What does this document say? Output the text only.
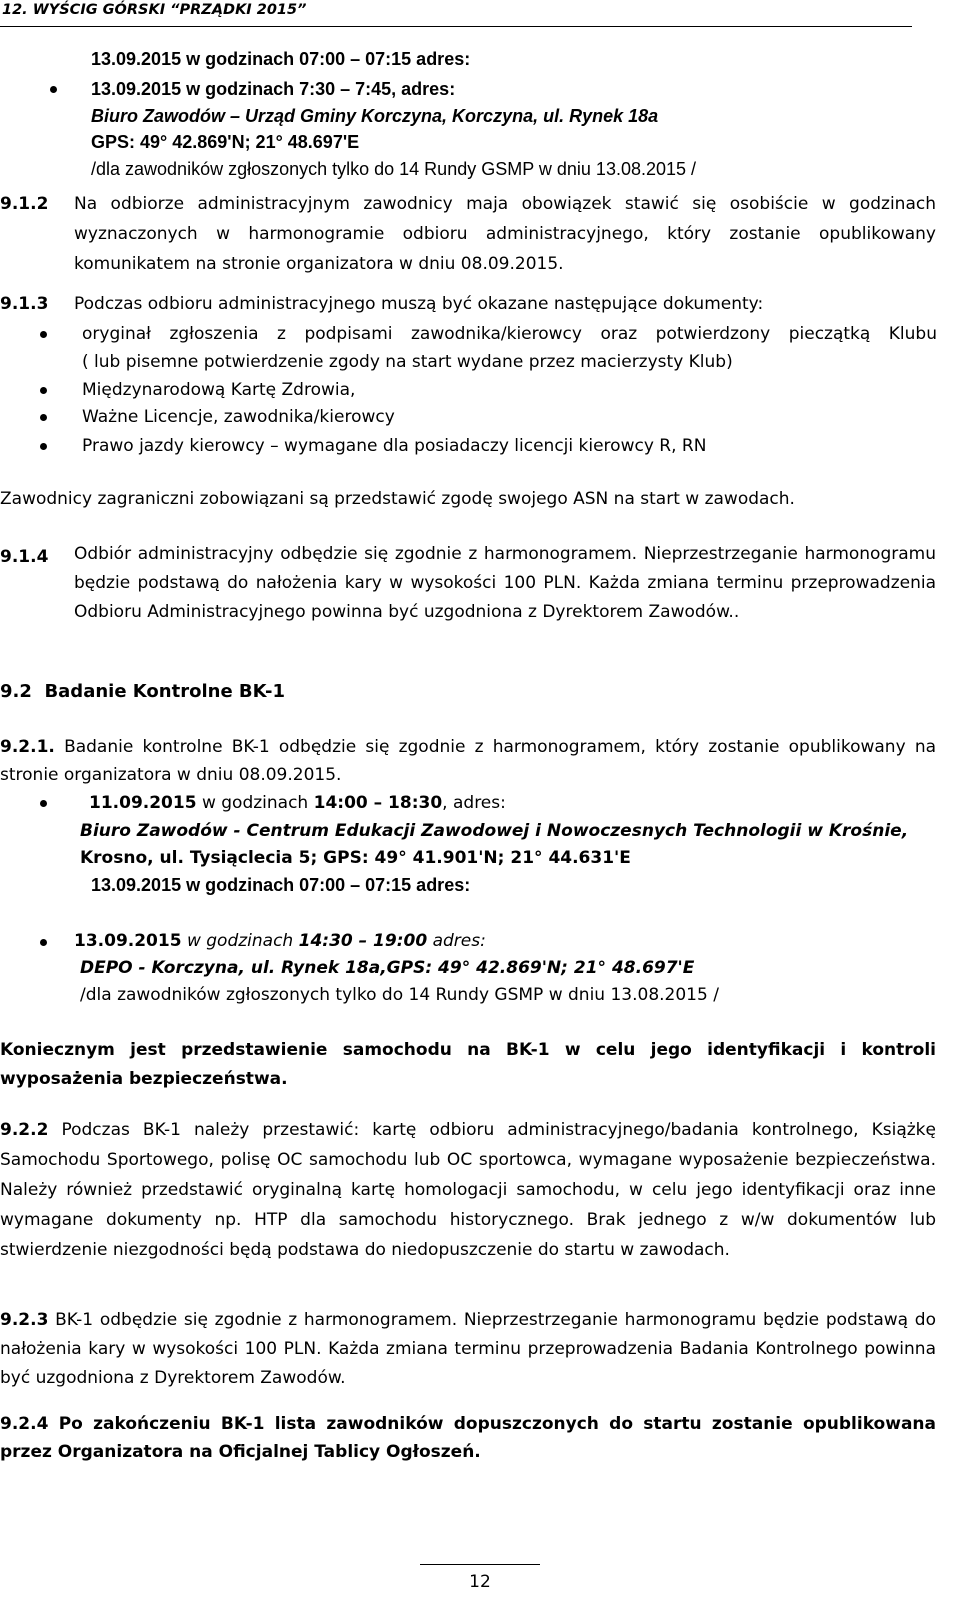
12. WYŚCIG GÓRSKI “PRZĄDKI 2015”
13.09.2015 w godzinach 07:00 – 07:15 adres:
13.09.2015 w godzinach 7:30 – 7:45, adres:
Biuro Zawodów – Urząd Gminy Korczyna, Korczyna, ul. Rynek 18a
GPS: 49° 42.869'N; 21° 48.697'E
/dla zawodników zgłoszonych tylko do 14 Rundy GSMP w dniu 13.08.2015 /
9.1.2 Na odbiorze administracyjnym zawodnicy maja obowiązek stawić się osobiście w godzinach wyznaczonych w harmonogramie odbioru administracyjnego, który zostanie opublikowany komunikatem na stronie organizatora w dniu 08.09.2015.
9.1.3 Podczas odbioru administracyjnego muszą być okazane następujące dokumenty:
oryginał zgłoszenia z podpisami zawodnika/kierowcy oraz potwierdzony pieczątką Klubu
( lub pisemne potwierdzenie zgody na start wydane przez macierzysty Klub)
Międzynarodową Kartę Zdrowia,
Ważne Licencje, zawodnika/kierowcy
Prawo jazdy kierowcy – wymagane dla posiadaczy licencji kierowcy R, RN
Zawodnicy zagraniczni zobowiązani są przedstawić zgodę swojego ASN na start w zawodach.
9.1.4 Odbiór administracyjny odbędzie się zgodnie z harmonogramem. Nieprzestrzeganie harmonogramu będzie podstawą do nałożenia kary w wysokości 100 PLN. Każda zmiana terminu przeprowadzenia Odbioru Administracyjnego powinna być uzgodniona z Dyrektorem Zawodów..
9.2 Badanie Kontrolne BK-1
9.2.1. Badanie kontrolne BK-1 odbędzie się zgodnie z harmonogramem, który zostanie opublikowany na stronie organizatora w dniu 08.09.2015.
11.09.2015 w godzinach 14:00 – 18:30, adres:
Biuro Zawodów - Centrum Edukacji Zawodowej i Nowoczesnych Technologii w Krośnie,
Krosno, ul. Tysiąclecia 5; GPS: 49° 41.901'N; 21° 44.631'E
13.09.2015 w godzinach 07:00 – 07:15 adres:
13.09.2015 w godzinach 14:30 – 19:00 adres:
DEPO - Korczyna, ul. Rynek 18a,GPS: 49° 42.869'N; 21° 48.697'E
/dla zawodników zgłoszonych tylko do 14 Rundy GSMP w dniu 13.08.2015 /
Koniecznym jest przedstawienie samochodu na BK-1 w celu jego identyfikacji i kontroli wyposażenia bezpieczeństwa.
9.2.2 Podczas BK-1 należy przestawić: kartę odbioru administracyjnego/badania kontrolnego, Książkę Samochodu Sportowego, polisę OC samochodu lub OC sportowca, wymagane wyposażenie bezpieczeństwa. Należy również przedstawić oryginalną kartę homologacji samochodu, w celu jego identyfikacji oraz inne wymagane dokumenty np. HTP dla samochodu historycznego. Brak jednego z w/w dokumentów lub stwierdzenie niezgodności będą podstawa do niedopuszczenie do startu w zawodach.
9.2.3 BK-1 odbędzie się zgodnie z harmonogramem. Nieprzestrzeganie harmonogramu będzie podstawą do nałożenia kary w wysokości 100 PLN. Każda zmiana terminu przeprowadzenia Badania Kontrolnego powinna być uzgodniona z Dyrektorem Zawodów.
9.2.4 Po zakończeniu BK-1 lista zawodników dopuszczonych do startu zostanie opublikowana przez Organizatora na Oficjalnej Tablicy Ogłoszeń.
12
